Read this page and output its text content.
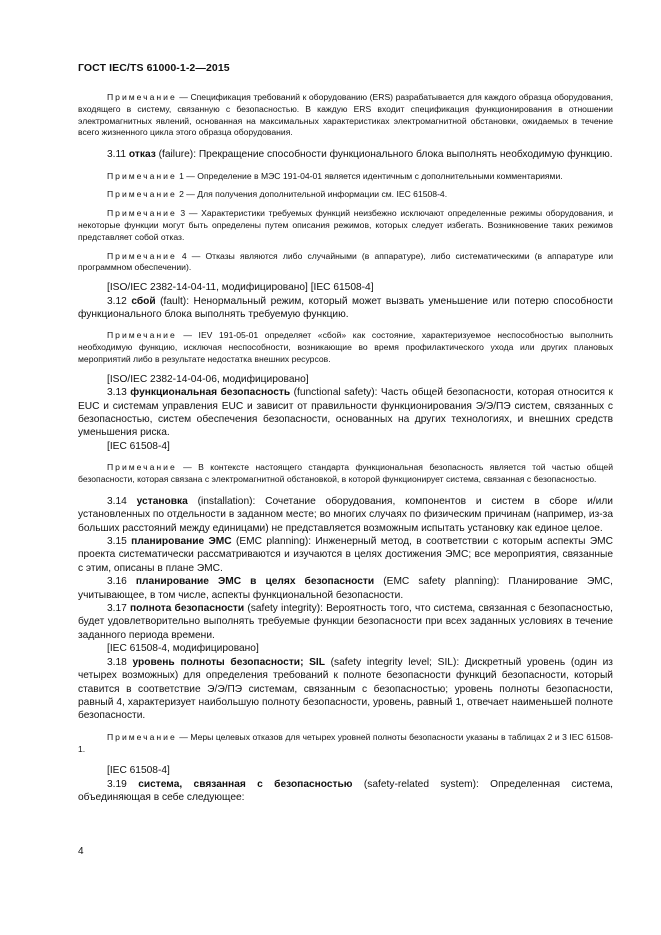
ГОСТ IEC/TS 61000-1-2—2015

Примечание — Спецификация требований к оборудованию (ERS) разрабатывается для каждого образца оборудования, входящего в систему, связанную с безопасностью. В каждую ERS входит спецификация функционирования в отношении электромагнитных явлений, основанная на максимальных характеристиках электромагнитной обстановки, ожидаемых в течение всего жизненного цикла этого образца оборудования.

3.11 отказ (failure): Прекращение способности функционального блока выполнять необходимую функцию.

Примечание 1 — Определение в МЭС 191-04-01 является идентичным с дополнительными комментариями.

Примечание 2 — Для получения дополнительной информации см. IEC 61508-4.

Примечание 3 — Характеристики требуемых функций неизбежно исключают определенные режимы оборудования, и некоторые функции могут быть определены путем описания режимов, которых следует избегать. Возникновение таких режимов представляет собой отказ.

Примечание 4 — Отказы являются либо случайными (в аппаратуре), либо систематическими (в аппаратуре или программном обеспечении).

[ISO/IEC 2382-14-04-11, модифицировано] [IEC 61508-4]

3.12 сбой (fault): Ненормальный режим, который может вызвать уменьшение или потерю способности функционального блока выполнять требуемую функцию.

Примечание — IEV 191-05-01 определяет «сбой» как состояние, характеризуемое неспособностью выполнить необходимую функцию, исключая неспособности, возникающие во время профилактического ухода или других плановых мероприятий либо в результате недостатка внешних ресурсов.

[ISO/IEC 2382-14-04-06, модифицировано]

3.13 функциональная безопасность (functional safety): Часть общей безопасности, которая относится к EUC и системам управления EUC и зависит от правильности функционирования Э/Э/ПЭ систем, связанных с безопасностью, систем обеспечения безопасности, основанных на других технологиях, и внешних средств уменьшения риска.

[IEC 61508-4]

Примечание — В контексте настоящего стандарта функциональная безопасность является той частью общей безопасности, которая связана с электромагнитной обстановкой, в которой функционирует система, связанная с безопасностью.

3.14 установка (installation): Сочетание оборудования, компонентов и систем в сборе и/или установленных по отдельности в заданном месте; во многих случаях по физическим причинам (например, из-за больших расстояний между единицами) не представляется возможным испытать установку как единое целое.

3.15 планирование ЭМС (EMC planning): Инженерный метод, в соответствии с которым аспекты ЭМС проекта систематически рассматриваются и изучаются в целях достижения ЭМС; все мероприятия, связанные с этим, описаны в плане ЭМС.

3.16 планирование ЭМС в целях безопасности (EMC safety planning): Планирование ЭМС, учитывающее, в том числе, аспекты функциональной безопасности.

3.17 полнота безопасности (safety integrity): Вероятность того, что система, связанная с безопасностью, будет удовлетворительно выполнять требуемые функции безопасности при всех заданных условиях в течение заданного периода времени.

[IEC 61508-4, модифицировано]

3.18 уровень полноты безопасности; SIL (safety integrity level; SIL): Дискретный уровень (один из четырех возможных) для определения требований к полноте безопасности функций безопасности, который ставится в соответствие Э/Э/ПЭ системам, связанным с безопасностью; уровень полноты безопасности, равный 4, характеризует наибольшую полноту безопасности, уровень, равный 1, отвечает наименьшей полноте безопасности.

Примечание — Меры целевых отказов для четырех уровней полноты безопасности указаны в таблицах 2 и 3 IEC 61508-1.

[IEC 61508-4]

3.19 система, связанная с безопасностью (safety-related system): Определенная система, объединяющая в себе следующее:

4
